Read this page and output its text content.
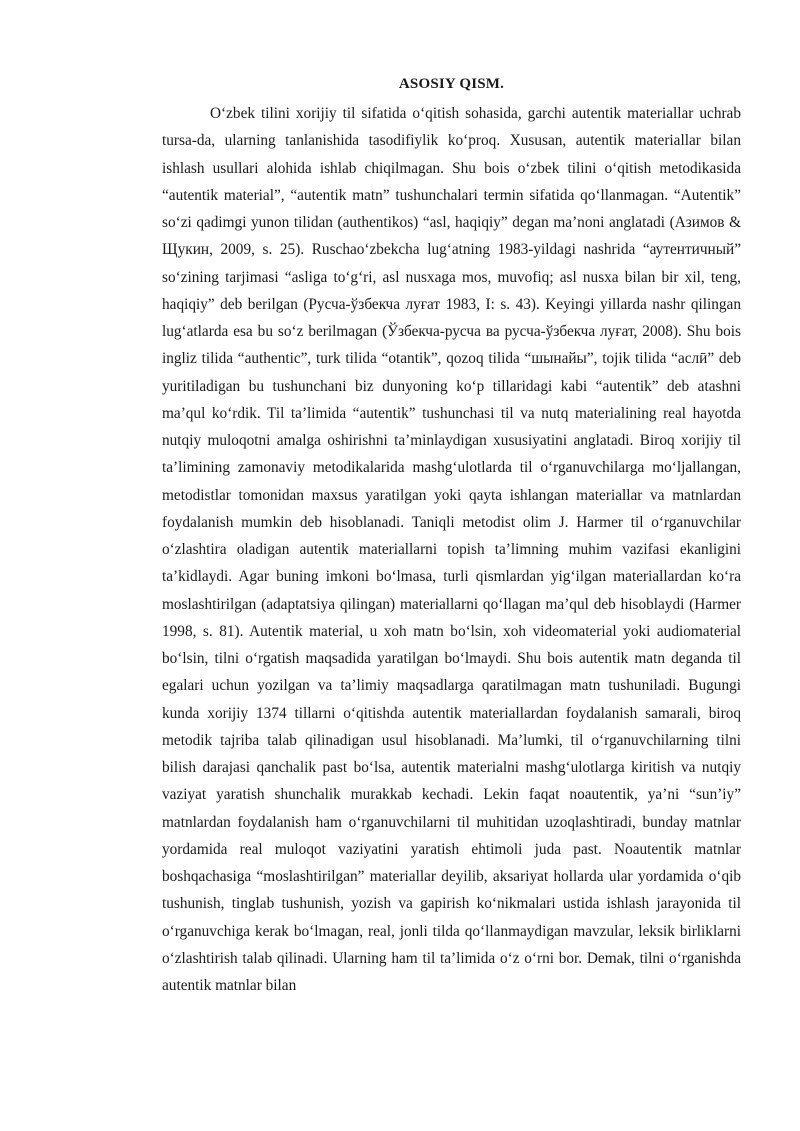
ASOSIY QISM.

O‘zbek tilini xorijiy til sifatida o‘qitish sohasida, garchi autentik materiallar uchrab tursa-da, ularning tanlanishida tasodifiylik ko‘proq. Xususan, autentik materiallar bilan ishlash usullari alohida ishlab chiqilmagan. Shu bois o‘zbek tilini o‘qitish metodikasida “autentik material”, “autentik matn” tushunchalari termin sifatida qo‘llanmagan. “Autentik” so‘zi qadimgi yunon tilidan (authentikos) “asl, haqiqiy” degan ma’noni anglatadi (Азимов & Щукин, 2009, s. 25). Ruschao‘zbekcha lug‘atning 1983-yildagi nashrida “аутентичный” so‘zining tarjimasi “asliga to‘g‘ri, asl nusxaga mos, muvofiq; asl nusxa bilan bir xil, teng, haqiqiy” deb berilgan (Русча-ўзбекча луғат 1983, I: s. 43). Keyingi yillarda nashr qilingan lug‘atlarda esa bu so‘z berilmagan (Ўзбекча-русча ва русча-ўзбекча луғат, 2008). Shu bois ingliz tilida “authentic”, turk tilida “otantik”, qozoq tilida “шынайы”, tojik tilida “аслӣ” deb yuritiladigan bu tushunchani biz dunyoning ko‘p tillaridagi kabi “autentik” deb atashni ma’qul ko‘rdik. Til ta’limida “autentik” tushunchasi til va nutq materialining real hayotda nutqiy muloqotni amalga oshirishni ta’minlaydigan xususiyatini anglatadi. Biroq xorijiy til ta’limining zamonaviy metodikalarida mashg‘ulotlarda til o‘rganuvchilarga mo‘ljallangan, metodistlar tomonidan maxsus yaratilgan yoki qayta ishlangan materiallar va matnlardan foydalanish mumkin deb hisoblanadi. Taniqli metodist olim J. Harmer til o‘rganuvchilar o‘zlashtira oladigan autentik materiallarni topish ta’limning muhim vazifasi ekanligini ta’kidlaydi. Agar buning imkoni bo‘lmasa, turli qismlardan yig‘ilgan materiallardan ko‘ra moslashtirilgan (adaptatsiya qilingan) materiallarni qo‘llagan ma’qul deb hisoblaydi (Harmer 1998, s. 81). Autentik material, u xoh matn bo‘lsin, xoh videomaterial yoki audiomaterial bo‘lsin, tilni o‘rgatish maqsadida yaratilgan bo‘lmaydi. Shu bois autentik matn deganda til egalari uchun yozilgan va ta’limiy maqsadlarga qaratilmagan matn tushuniladi. Bugungi kunda xorijiy 1374 tillarni o‘qitishda autentik materiallardan foydalanish samarali, biroq metodik tajriba talab qilinadigan usul hisoblanadi. Ma’lumki, til o‘rganuvchilarning tilni bilish darajasi qanchalik past bo‘lsa, autentik materialni mashg‘ulotlarga kiritish va nutqiy vaziyat yaratish shunchalik murakkab kechadi. Lekin faqat noautentik, ya’ni “sun’iy” matnlardan foydalanish ham o‘rganuvchilarni til muhitidan uzoqlashtiradi, bunday matnlar yordamida real muloqot vaziyatini yaratish ehtimoli juda past. Noautentik matnlar boshqachasiga “moslashtirilgan” materiallar deyilib, aksariyat hollarda ular yordamida o‘qib tushunish, tinglab tushunish, yozish va gapirish ko‘nikmalari ustida ishlash jarayonida til o‘rganuvchiga kerak bo‘lmagan, real, jonli tilda qo‘llanmaydigan mavzular, leksik birliklarni o‘zlashtirish talab qilinadi. Ularning ham til ta’limida o‘z o‘rni bor. Demak, tilni o‘rganishda autentik matnlar bilan
